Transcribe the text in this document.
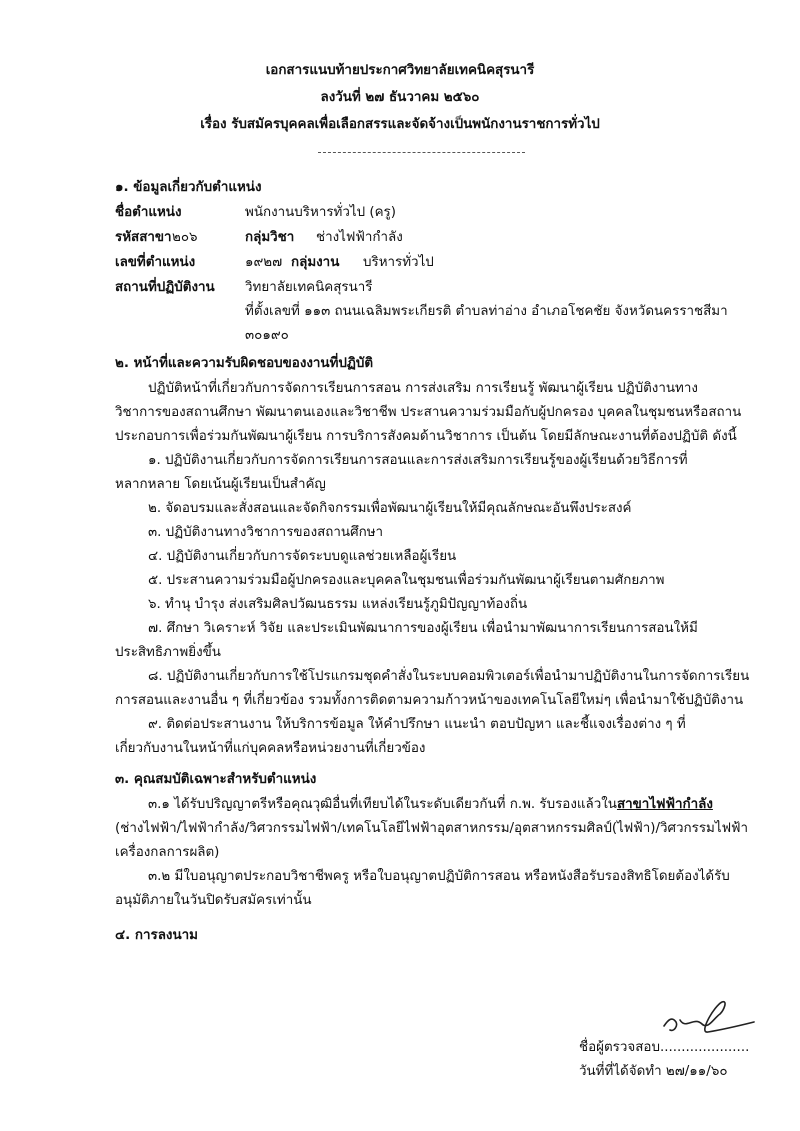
เอกสารแนบท้ายประกาศวิทยาลัยเทคนิคสุรนารี
ลงวันที่ ๒๗ ธันวาคม ๒๕๖๐
เรื่อง รับสมัครบุคคลเพื่อเลือกสรรและจัดจ้างเป็นพนักงานราชการทั่วไป
๑. ข้อมูลเกี่ยวกับตำแหน่ง
ชื่อตำแหน่ง	พนักงานบริหารทั่วไป (ครู)
รหัสสาขา ๒๐๖	กลุ่มวิชา ช่างไฟฟ้ากำลัง
เลขที่ตำแหน่ง	๑๙๒๗ กลุ่มงาน บริหารทั่วไป
สถานที่ปฏิบัติงาน วิทยาลัยเทคนิคสุรนารี
ที่ตั้งเลขที่ ๑๑๓ ถนนเฉลิมพระเกียรติ ตำบลท่าอ่าง อำเภอโชคชัย จังหวัดนครราชสีมา
๓๐๑๙๐
๒. หน้าที่และความรับผิดชอบของงานที่ปฏิบัติ
ปฏิบัติหน้าที่เกี่ยวกับการจัดการเรียนการสอน การส่งเสริม การเรียนรู้ พัฒนาผู้เรียน ปฏิบัติงานทาง
วิชาการของสถานศึกษา พัฒนาตนเองและวิชาชีพ ประสานความร่วมมือกับผู้ปกครอง บุคคลในชุมชนหรือสถาน
ประกอบการเพื่อร่วมกันพัฒนาผู้เรียน การบริการสังคมด้านวิชาการ เป็นต้น โดยมีลักษณะงานที่ต้องปฏิบัติ ดังนี้
๑. ปฏิบัติงานเกี่ยวกับการจัดการเรียนการสอนและการส่งเสริมการเรียนรู้ของผู้เรียนด้วยวิธีการที่
หลากหลาย โดยเน้นผู้เรียนเป็นสำคัญ
๒. จัดอบรมและสั่งสอนและจัดกิจกรรมเพื่อพัฒนาผู้เรียนให้มีคุณลักษณะอันพึงประสงค์
๓. ปฏิบัติงานทางวิชาการของสถานศึกษา
๔. ปฏิบัติงานเกี่ยวกับการจัดระบบดูแลช่วยเหลือผู้เรียน
๕. ประสานความร่วมมือผู้ปกครองและบุคคลในชุมชนเพื่อร่วมกันพัฒนาผู้เรียนตามศักยภาพ
๖. ทำนุ บำรุง ส่งเสริมศิลปวัฒนธรรม แหล่งเรียนรู้ภูมิปัญญาท้องถิ่น
๗. ศึกษา วิเคราะห์ วิจัย และประเมินพัฒนาการของผู้เรียน เพื่อนำมาพัฒนาการเรียนการสอนให้มี
ประสิทธิภาพยิ่งขึ้น
๘. ปฏิบัติงานเกี่ยวกับการใช้โปรแกรมชุดคำสั่งในระบบคอมพิวเตอร์เพื่อนำมาปฏิบัติงานในการจัดการเรียน
การสอนและงานอื่น ๆ ที่เกี่ยวข้อง รวมทั้งการติดตามความก้าวหน้าของเทคโนโลยีใหม่ๆ เพื่อนำมาใช้ปฏิบัติงาน
๙. ติดต่อประสานงาน ให้บริการข้อมูล ให้คำปรึกษา แนะนำ ตอบปัญหา และชี้แจงเรื่องต่าง ๆ ที่
เกี่ยวกับงานในหน้าที่แก่บุคคลหรือหน่วยงานที่เกี่ยวข้อง
๓. คุณสมบัติเฉพาะสำหรับตำแหน่ง
๓.๑ ได้รับปริญญาตรีหรือคุณวุฒิอื่นที่เทียบได้ในระดับเดียวกันที่ ก.พ. รับรองแล้วในสาขาไฟฟ้ากำลัง
(ช่างไฟฟ้า/ไฟฟ้ากำลัง/วิศวกรรมไฟฟ้า/เทคโนโลยีไฟฟ้าอุตสาหกรรม/อุตสาหกรรมศิลป์(ไฟฟ้า)/วิศวกรรมไฟฟ้า
เครื่องกลการผลิต)
๓.๒ มีใบอนุญาตประกอบวิชาชีพครู หรือใบอนุญาตปฏิบัติการสอน หรือหนังสือรับรองสิทธิโดยต้องได้รับ
อนุมัติภายในวันปิดรับสมัครเท่านั้น
๔. การลงนาม
ชื่อผู้ตรวจสอบ.....................
วันที่ที่ได้จัดทำ ๒๗/๑๑/๖๐
